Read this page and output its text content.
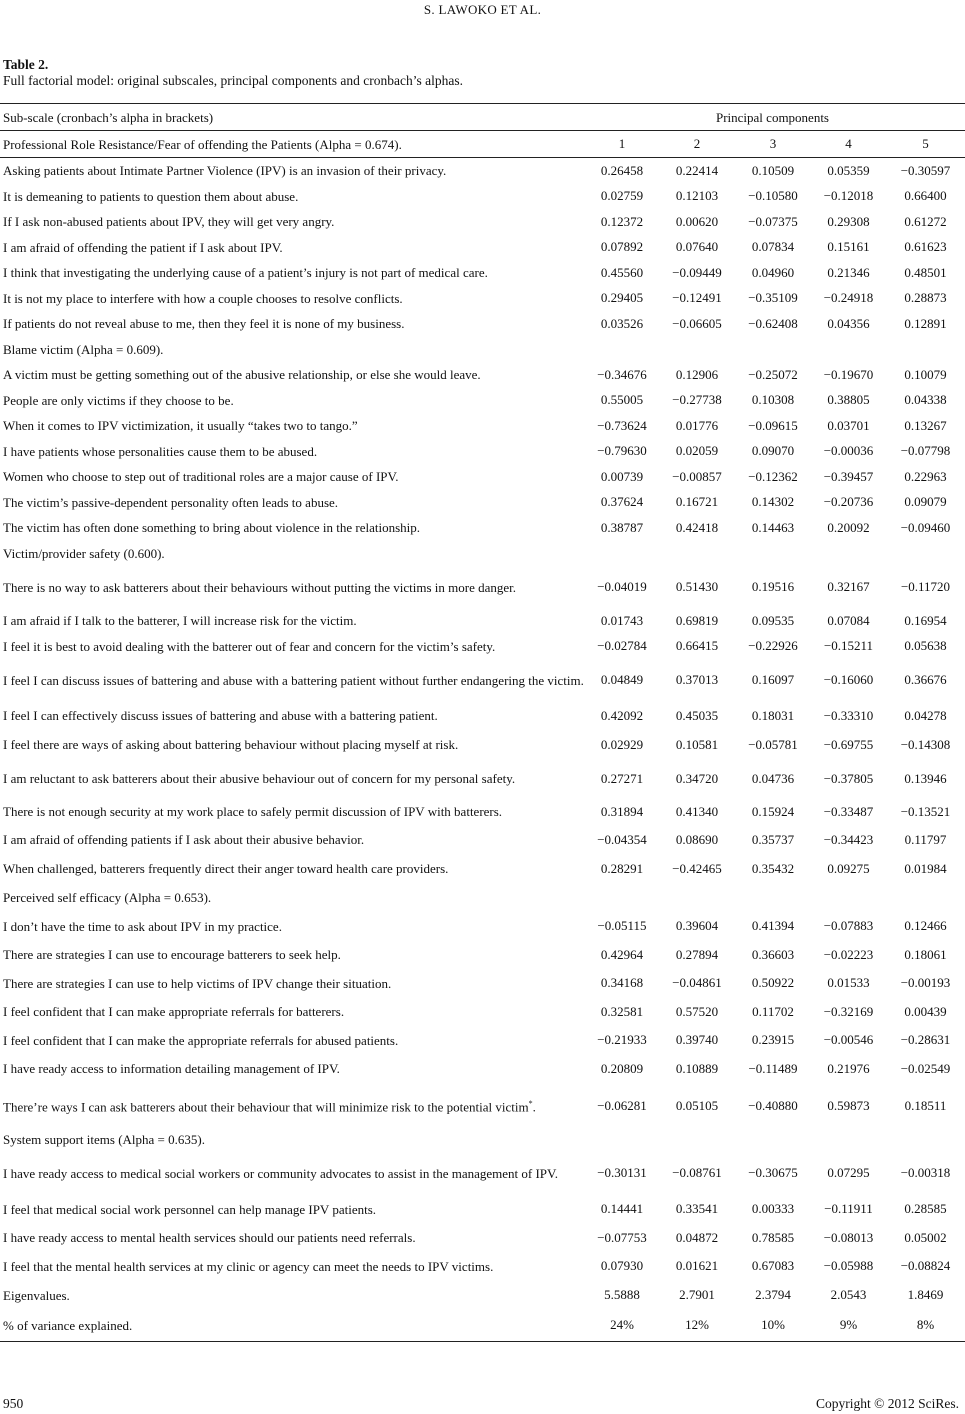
S. LAWOKO ET AL.
Table 2.
Full factorial model: original subscales, principal components and cronbach’s alphas.
Sub-scale (cronbach’s alpha in brackets)	Principal components
Professional Role Resistance/Fear of offending the Patients (Alpha = 0.674).	1	2	3	4	5
Asking patients about Intimate Partner Violence (IPV) is an invasion of their privacy.	0.26458	0.22414	0.10509	0.05359	−0.30597
It is demeaning to patients to question them about abuse.	0.02759	0.12103	−0.10580	−0.12018	0.66400
If I ask non-abused patients about IPV, they will get very angry.	0.12372	0.00620	−0.07375	0.29308	0.61272
I am afraid of offending the patient if I ask about IPV.	0.07892	0.07640	0.07834	0.15161	0.61623
I think that investigating the underlying cause of a patient’s injury is not part of medical care.	0.45560	−0.09449	0.04960	0.21346	0.48501
It is not my place to interfere with how a couple chooses to resolve conflicts.	0.29405	−0.12491	−0.35109	−0.24918	0.28873
If patients do not reveal abuse to me, then they feel it is none of my business.	0.03526	−0.06605	−0.62408	0.04356	0.12891
Blame victim (Alpha = 0.609).
A victim must be getting something out of the abusive relationship, or else she would leave.	−0.34676	0.12906	−0.25072	−0.19670	0.10079
People are only victims if they choose to be.	0.55005	−0.27738	0.10308	0.38805	0.04338
When it comes to IPV victimization, it usually “takes two to tango.”	−0.73624	0.01776	−0.09615	0.03701	0.13267
I have patients whose personalities cause them to be abused.	−0.79630	0.02059	0.09070	−0.00036	−0.07798
Women who choose to step out of traditional roles are a major cause of IPV.	0.00739	−0.00857	−0.12362	−0.39457	0.22963
The victim’s passive-dependent personality often leads to abuse.	0.37624	0.16721	0.14302	−0.20736	0.09079
The victim has often done something to bring about violence in the relationship.	0.38787	0.42418	0.14463	0.20092	−0.09460
Victim/provider safety (0.600).
There is no way to ask batterers about their behaviours without putting the victims in more danger.	−0.04019	0.51430	0.19516	0.32167	−0.11720
I am afraid if I talk to the batterer, I will increase risk for the victim.	0.01743	0.69819	0.09535	0.07084	0.16954
I feel it is best to avoid dealing with the batterer out of fear and concern for the victim’s safety.	−0.02784	0.66415	−0.22926	−0.15211	0.05638
I feel I can discuss issues of battering and abuse with a battering patient without further endangering the victim.	0.04849	0.37013	0.16097	−0.16060	0.36676
I feel I can effectively discuss issues of battering and abuse with a battering patient.	0.42092	0.45035	0.18031	−0.33310	0.04278
I feel there are ways of asking about battering behaviour without placing myself at risk.	0.02929	0.10581	−0.05781	−0.69755	−0.14308
I am reluctant to ask batterers about their abusive behaviour out of concern for my personal safety.	0.27271	0.34720	0.04736	−0.37805	0.13946
There is not enough security at my work place to safely permit discussion of IPV with batterers.	0.31894	0.41340	0.15924	−0.33487	−0.13521
I am afraid of offending patients if I ask about their abusive behavior.	−0.04354	0.08690	0.35737	−0.34423	0.11797
When challenged, batterers frequently direct their anger toward health care providers.	0.28291	−0.42465	0.35432	0.09275	0.01984
Perceived self efficacy (Alpha = 0.653).
I don’t have the time to ask about IPV in my practice.	−0.05115	0.39604	0.41394	−0.07883	0.12466
There are strategies I can use to encourage batterers to seek help.	0.42964	0.27894	0.36603	−0.02223	0.18061
There are strategies I can use to help victims of IPV change their situation.	0.34168	−0.04861	0.50922	0.01533	−0.00193
I feel confident that I can make appropriate referrals for batterers.	0.32581	0.57520	0.11702	−0.32169	0.00439
I feel confident that I can make the appropriate referrals for abused patients.	−0.21933	0.39740	0.23915	−0.00546	−0.28631
I have ready access to information detailing management of IPV.	0.20809	0.10889	−0.11489	0.21976	−0.02549
There’re ways I can ask batterers about their behaviour that will minimize risk to the potential victim*.	−0.06281	0.05105	−0.40880	0.59873	0.18511
System support items (Alpha = 0.635).
I have ready access to medical social workers or community advocates to assist in the management of IPV.	−0.30131	−0.08761	−0.30675	0.07295	−0.00318
I feel that medical social work personnel can help manage IPV patients.	0.14441	0.33541	0.00333	−0.11911	0.28585
I have ready access to mental health services should our patients need referrals.	−0.07753	0.04872	0.78585	−0.08013	0.05002
I feel that the mental health services at my clinic or agency can meet the needs to IPV victims.	0.07930	0.01621	0.67083	−0.05988	−0.08824
Eigenvalues.	5.5888	2.7901	2.3794	2.0543	1.8469
% of variance explained.	24%	12%	10%	9%	8%
950	Copyright © 2012 SciRes.
